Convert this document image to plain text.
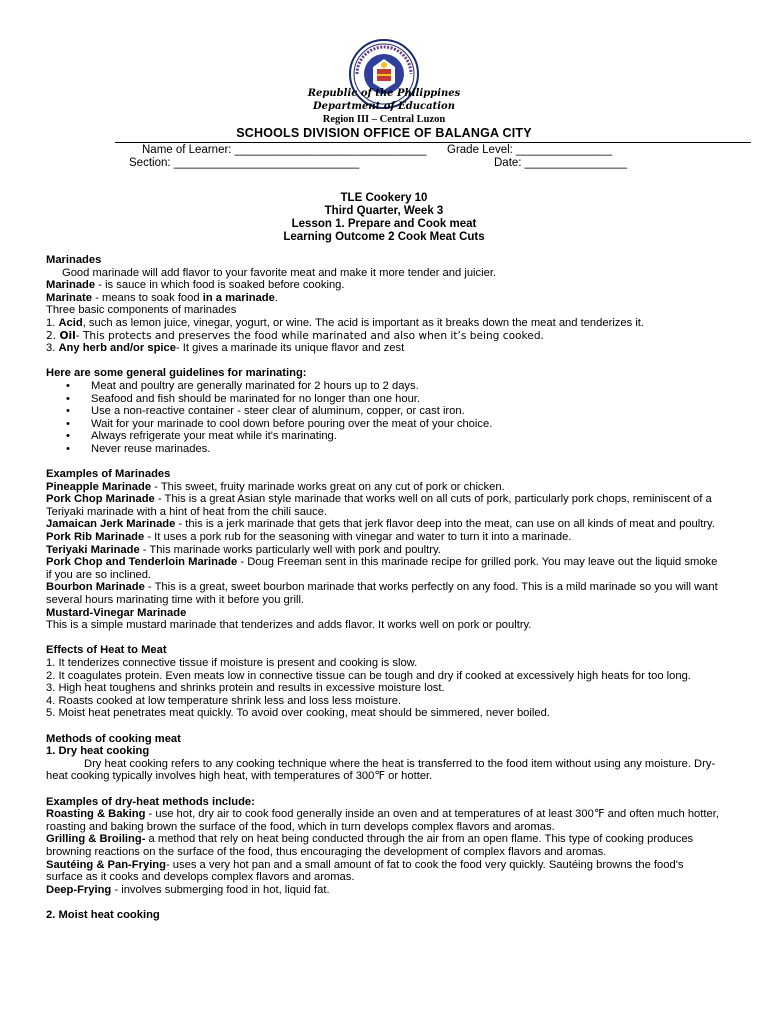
Republic of the Philippines
Department of Education
Region III – Central Luzon
SCHOOLS DIVISION OFFICE OF BALANGA CITY
Name of Learner: ______________________________ Grade Level: _______________
Section: _____________________________	Date: ________________
TLE Cookery 10
Third Quarter, Week 3
Lesson 1. Prepare and Cook meat
Learning Outcome 2 Cook Meat Cuts

Marinades

Good marinade will add flavor to your favorite meat and make it more tender and juicier.

Marinade - is sauce in which food is soaked before cooking.

Marinate - means to soak food in a marinade.

Three basic components of marinades

1. Acid, such as lemon juice, vinegar, yogurt, or wine. The acid is important as it breaks down the meat and tenderizes it.

2. Oil- This protects and preserves the food while marinated and also when it’s being cooked.

3. Any herb and/or spice- It gives a marinade its unique flavor and zest

Here are some general guidelines for marinating:

• Meat and poultry are generally marinated for 2 hours up to 2 days.
• Seafood and fish should be marinated for no longer than one hour.
• Use a non-reactive container - steer clear of aluminum, copper, or cast iron.
• Wait for your marinade to cool down before pouring over the meat of your choice.
• Always refrigerate your meat while it's marinating.
• Never reuse marinades.

Examples of Marinades

Pineapple Marinade - This sweet, fruity marinade works great on any cut of pork or chicken.

Pork Chop Marinade - This is a great Asian style marinade that works well on all cuts of pork, particularly pork chops, reminiscent of a Teriyaki marinade with a hint of heat from the chili sauce.

Jamaican Jerk Marinade - this is a jerk marinade that gets that jerk flavor deep into the meat, can use on all kinds of meat and poultry.

Pork Rib Marinade - It uses a pork rub for the seasoning with vinegar and water to turn it into a marinade.

Teriyaki Marinade - This marinade works particularly well with pork and poultry.

Pork Chop and Tenderloin Marinade - Doug Freeman sent in this marinade recipe for grilled pork. You may leave out the liquid smoke if you are so inclined.

Bourbon Marinade - This is a great, sweet bourbon marinade that works perfectly on any food. This is a mild marinade so you will want several hours marinating time with it before you grill.

Mustard-Vinegar Marinade

This is a simple mustard marinade that tenderizes and adds flavor. It works well on pork or poultry.

Effects of Heat to Meat

1. It tenderizes connective tissue if moisture is present and cooking is slow.

2. It coagulates protein. Even meats low in connective tissue can be tough and dry if cooked at excessively high heats for too long.

3. High heat toughens and shrinks protein and results in excessive moisture lost.

4. Roasts cooked at low temperature shrink less and loss less moisture.

5. Moist heat penetrates meat quickly. To avoid over cooking, meat should be simmered, never boiled.

Methods of cooking meat

1. Dry heat cooking

Dry heat cooking refers to any cooking technique where the heat is transferred to the food item without using any moisture. Dry-heat cooking typically involves high heat, with temperatures of 300℉ or hotter.

Examples of dry-heat methods include:

Roasting & Baking - use hot, dry air to cook food generally inside an oven and at temperatures of at least 300℉ and often much hotter, roasting and baking brown the surface of the food, which in turn develops complex flavors and aromas.

Grilling & Broiling- a method that rely on heat being conducted through the air from an open flame. This type of cooking produces browning reactions on the surface of the food, thus encouraging the development of complex flavors and aromas.

Sautéing & Pan-Frying- uses a very hot pan and a small amount of fat to cook the food very quickly. Sautéing browns the food's surface as it cooks and develops complex flavors and aromas.

Deep-Frying - involves submerging food in hot, liquid fat.

2. Moist heat cooking
